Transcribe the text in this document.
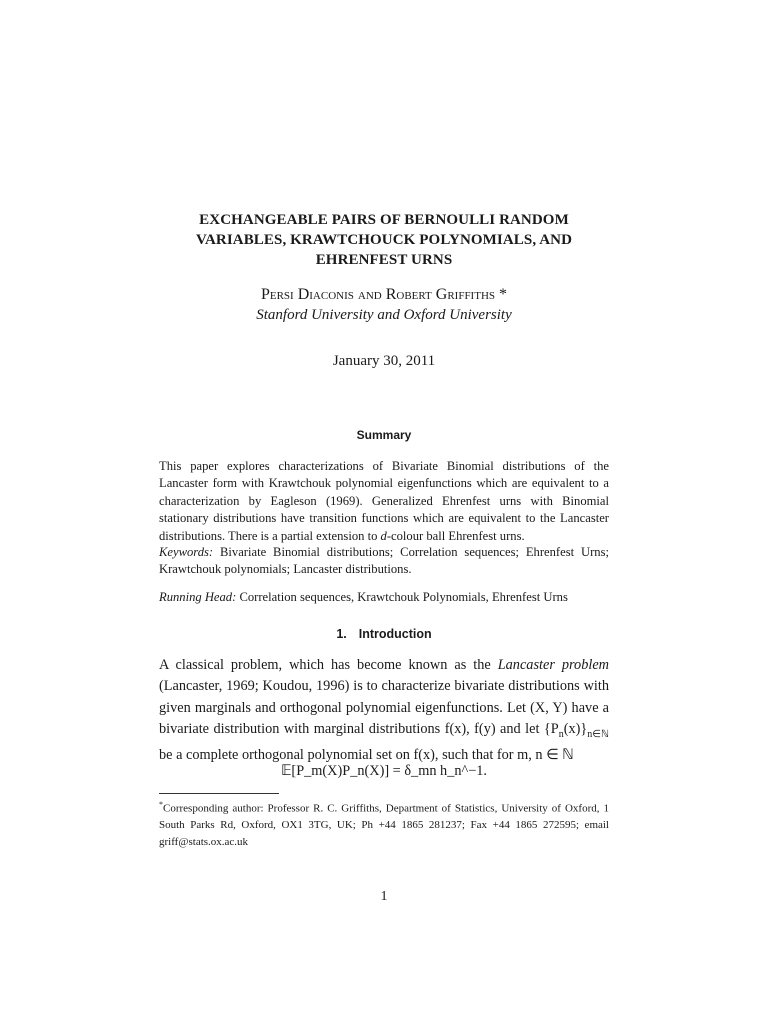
EXCHANGEABLE PAIRS OF BERNOULLI RANDOM
VARIABLES, KRAWTCHOUCK POLYNOMIALS, AND
EHRENFEST URNS
Persi Diaconis and Robert Griffiths *
Stanford University and Oxford University
January 30, 2011
Summary
This paper explores characterizations of Bivariate Binomial distributions of the Lancaster form with Krawtchouk polynomial eigenfunctions which are equivalent to a characterization by Eagleson (1969). Generalized Ehrenfest urns with Binomial stationary distributions have transition functions which are equivalent to the Lancaster distributions. There is a partial extension to d-colour ball Ehrenfest urns.
Keywords: Bivariate Binomial distributions; Correlation sequences; Ehrenfest Urns; Krawtchouk polynomials; Lancaster distributions.
Running Head: Correlation sequences, Krawtchouk Polynomials, Ehrenfest Urns
1. Introduction
A classical problem, which has become known as the Lancaster problem (Lancaster, 1969; Koudou, 1996) is to characterize bivariate distributions with given marginals and orthogonal polynomial eigenfunctions. Let (X, Y) have a bivariate distribution with marginal distributions f(x), f(y) and let $\{P_n(x)\}_{n\in ℕ}$ be a complete orthogonal polynomial set on f(x), such that for m, n ∈ ℕ
𝔼[P_m(X)P_n(X)] = δ_mn h_n^−1.
*Corresponding author: Professor R. C. Griffiths, Department of Statistics, University of Oxford, 1 South Parks Rd, Oxford, OX1 3TG, UK; Ph +44 1865 281237; Fax +44 1865 272595; email griff@stats.ox.ac.uk
1
